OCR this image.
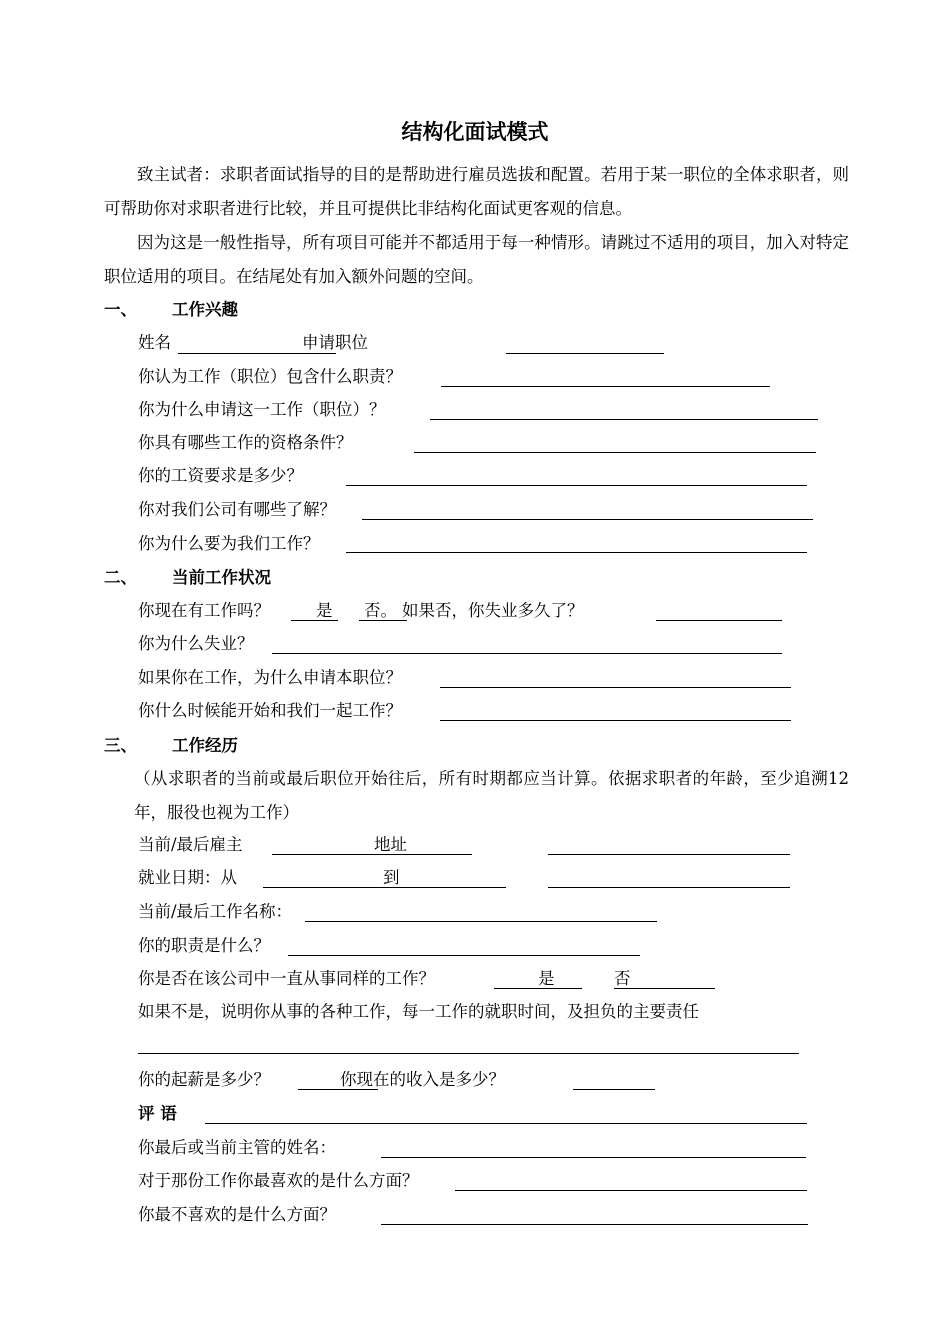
结构化面试模式
致主试者：求职者面试指导的目的是帮助进行雇员选拔和配置。若用于某一职位的全体求职者，则可帮助你对求职者进行比较，并且可提供比非结构化面试更客观的信息。
因为这是一般性指导，所有项目可能并不都适用于每一种情形。请跳过不适用的项目，加入对特定职位适用的项目。在结尾处有加入额外问题的空间。
一、 工作兴趣
姓名	申请职位
你认为工作（职位）包含什么职责？
你为什么申请这一工作（职位）？
你具有哪些工作的资格条件？
你的工资要求是多少？
你对我们公司有哪些了解？
你为什么要为我们工作？
二、 当前工作状况
你现在有工作吗？	是 否。 如果否，你失业多久了？
你为什么失业？
如果你在工作，为什么申请本职位？
你什么时候能开始和我们一起工作？
三、 工作经历
（从求职者的当前或最后职位开始往后，所有时期都应当计算。依据求职者的年龄，至少追溯12年，服役也视为工作）
当前/最后雇主	地址
就业日期：从	到
当前/最后工作名称：
你的职责是什么？
你是否在该公司中一直从事同样的工作？	是	否
如果不是，说明你从事的各种工作，每一工作的就职时间，及担负的主要责任
你的起薪是多少？	你现 在的收入是多少？
评 语
你最后或当前主管的姓名：
对于那份工作你最喜欢的是什么方面？
你最不喜欢的是什么方面？
